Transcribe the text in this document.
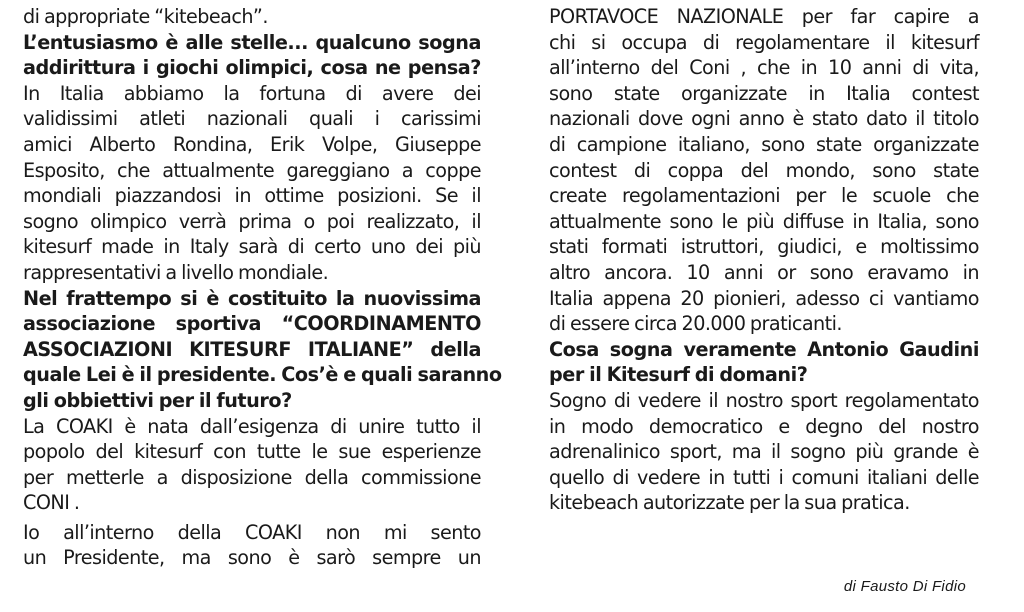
di appropriate “kitebeach”.
L’entusiasmo è alle stelle... qualcuno sogna
addirittura i giochi olimpici, cosa ne pensa?
In Italia abbiamo la fortuna di avere dei
validissimi atleti nazionali quali i carissimi
amici Alberto Rondina, Erik Volpe, Giuseppe
Esposito, che attualmente gareggiano a coppe
mondiali piazzandosi in ottime posizioni. Se il
sogno olimpico verrà prima o poi realizzato, il
kitesurf made in Italy sarà di certo uno dei più
rappresentativi a livello mondiale.
Nel frattempo si è costituito la nuovissima
associazione sportiva “COORDINAMENTO
ASSOCIAZIONI KITESURF ITALIANE” della
quale Lei è il presidente. Cos’è e quali saranno
gli obbiettivi per il futuro?
La COAKI è nata dall’esigenza di unire tutto il
popolo del kitesurf con tutte le sue esperienze
per metterle a disposizione della commissione
CONI .
Io all’interno della COAKI non mi sento
un Presidente, ma sono è sarò sempre un
PORTAVOCE NAZIONALE per far capire a
chi si occupa di regolamentare il kitesurf
all’interno del Coni , che in 10 anni di vita,
sono state organizzate in Italia contest
nazionali dove ogni anno è stato dato il titolo
di campione italiano, sono state organizzate
contest di coppa del mondo, sono state
create regolamentazioni per le scuole che
attualmente sono le più diffuse in Italia, sono
stati formati istruttori, giudici, e moltissimo
altro ancora. 10 anni or sono eravamo in
Italia appena 20 pionieri, adesso ci vantiamo
di essere circa 20.000 praticanti.
Cosa sogna veramente Antonio Gaudini
per il Kitesurf di domani?
Sogno di vedere il nostro sport regolamentato
in modo democratico e degno del nostro
adrenalinico sport, ma il sogno più grande è
quello di vedere in tutti i comuni italiani delle
kitebeach autorizzate per la sua pratica.
di Fausto Di Fidio
